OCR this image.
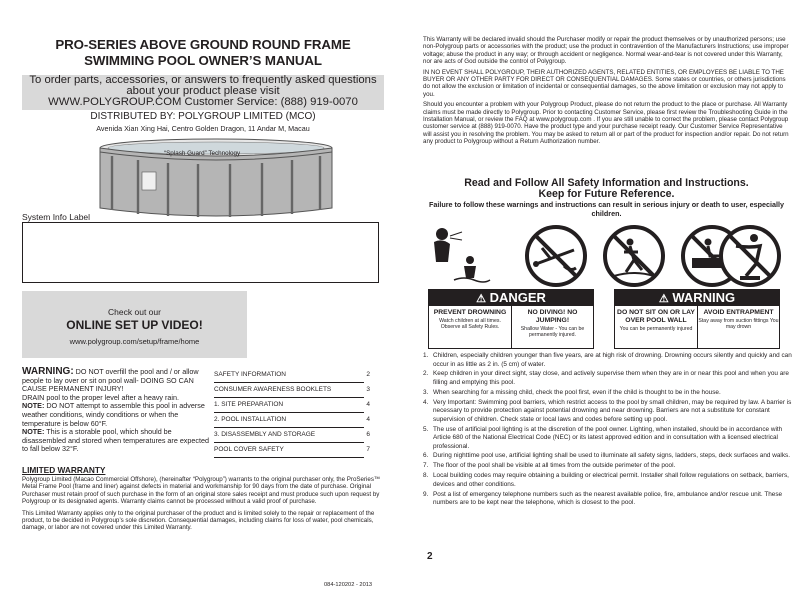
PRO-SERIES ABOVE GROUND ROUND FRAME
SWIMMING POOL OWNER’S MANUAL
To order parts, accessories, or answers to frequently asked questions about your product please visit
WWW.POLYGROUP.COM Customer Service: (888) 919-0070
DISTRIBUTED BY: POLYGROUP LIMITED (MCO)
Avenida Xian Xing Hai, Centro Golden Dragon, 11 Andar M, Macau
“Splash Guard” Technology
System Info Label
Check out our
ONLINE SET UP VIDEO!
www.polygroup.com/setup/frame/home
WARNING: DO NOT overfill the pool and / or allow people to lay over or sit on pool wall- DOING SO CAN CAUSE PERMANENT INJURY!
DRAIN pool to the proper level after a heavy rain.
NOTE: DO NOT attempt to assemble this pool in adverse weather conditions, windy conditions or when the temperature is below 60°F.
NOTE: This is a storable pool, which should be disassembled and stored when temperatures are expected to fall below 32°F.
SAFETY INFORMATION	2
CONSUMER AWARENESS BOOKLETS	3
1. SITE PREPARATION	4
2. POOL INSTALLATION	4
3. DISASSEMBLY AND STORAGE	6
POOL COVER SAFETY	7
LIMITED WARRANTY

Polygroup Limited (Macao Commercial Offshore), (hereinafter “Polygroup”) warrants to the original purchaser only, the ProSeries™ Metal Frame Pool (frame and liner) against defects in material and workmanship for 90 days from the date of purchase. Original Purchaser must retain proof of such purchase in the form of an original store sales receipt and must produce such upon request by Polygroup or its designated agents. Warranty claims cannot be processed without a valid proof of purchase.

This Limited Warranty applies only to the original purchaser of the product and is limited solely to the repair or replacement of the product, to be decided in Polygroup’s sole discretion. Consequential damages, including claims for loss of water, pool chemicals, damage, or labor are not covered under this Limited Warranty.

084-120202 - 2013

This Warranty will be declared invalid should the Purchaser modify or repair the product themselves or by unauthorized persons; use non-Polygroup parts or accessories with the product; use the product in contravention of the Manufacturers Instructions; use improper voltage; abuse the product in any way; or through accident or negligence. Normal wear-and-tear is not covered under this Warranty, nor are acts of God outside the control of Polygroup.

IN NO EVENT SHALL POLYGROUP, THEIR AUTHORIZED AGENTS, RELATED ENTITIES, OR EMPLOYEES BE LIABLE TO THE BUYER OR ANY OTHER PARTY FOR DIRECT OR CONSEQUENTIAL DAMAGES. Some states or countries, or others jurisdictions do not allow the exclusion or limitation of incidental or consequential damages, so the above limitation or exclusion may not apply to you.

Should you encounter a problem with your Polygroup Product, please do not return the product to the place or purchase. All Warranty claims must be made directly to Polygroup. Prior to contacting Customer Service, please first review the Troubleshooting Guide in the Installation Manual, or review the FAQ at www.polygroup.com . If you are still unable to correct the problem, please contact Polygroup customer service at (888) 919-0070. Have the product type and your purchase receipt ready. Our Customer Service Representative will assist you in resolving the problem. You may be asked to return all or part of the product for inspection and/or repair. Do not return any product to Polygroup without a Return Authorization number.

Read and Follow All Safety Information and Instructions.
Keep for Future Reference.
Failure to follow these warnings and instructions can result in serious injury or death to user, especially children.
⚠ DANGER
PREVENT DROWNING
Watch children at all times. Observe all Safety Rules.
NO DIVING! NO JUMPING!
Shallow Water - You can be permanently injured.
⚠ WARNING
DO NOT SIT ON OR LAY OVER POOL WALL
You can be permanently injured
AVOID ENTRAPMENT
Stay away from suction fittings You may drown
1. Children, especially children younger than five years, are at high risk of drowning. Drowning occurs silently and quickly and can occur in as little as 2 in. (5 cm) of water.
2. Keep children in your direct sight, stay close, and actively supervise them when they are in or near this pool and when you are filling and emptying this pool.
3. When searching for a missing child, check the pool first, even if the child is thought to be in the house.
4. Very Important: Swimming pool barriers, which restrict access to the pool by small children, may be required by law. A barrier is necessary to provide protection against potential drowning and near drowning. Barriers are not a substitute for constant supervision of children. Check state or local laws and codes before setting up pool.
5. The use of artificial pool lighting is at the discretion of the pool owner. Lighting, when installed, should be in accordance with Article 680 of the National Electrical Code (NEC) or its latest approved edition and in consultation with a licensed electrical professional.
6. During nighttime pool use, artificial lighting shall be used to illuminate all safety signs, ladders, steps, deck surfaces and walks.
7. The floor of the pool shall be visible at all times from the outside perimeter of the pool.
8. Local building codes may require obtaining a building or electrical permit. Installer shall follow regulations on setback, barriers, devices and other conditions.
9. Post a list of emergency telephone numbers such as the nearest available police, fire, ambulance and/or rescue unit. These numbers are to be kept near the telephone, which is closest to the pool.
2
